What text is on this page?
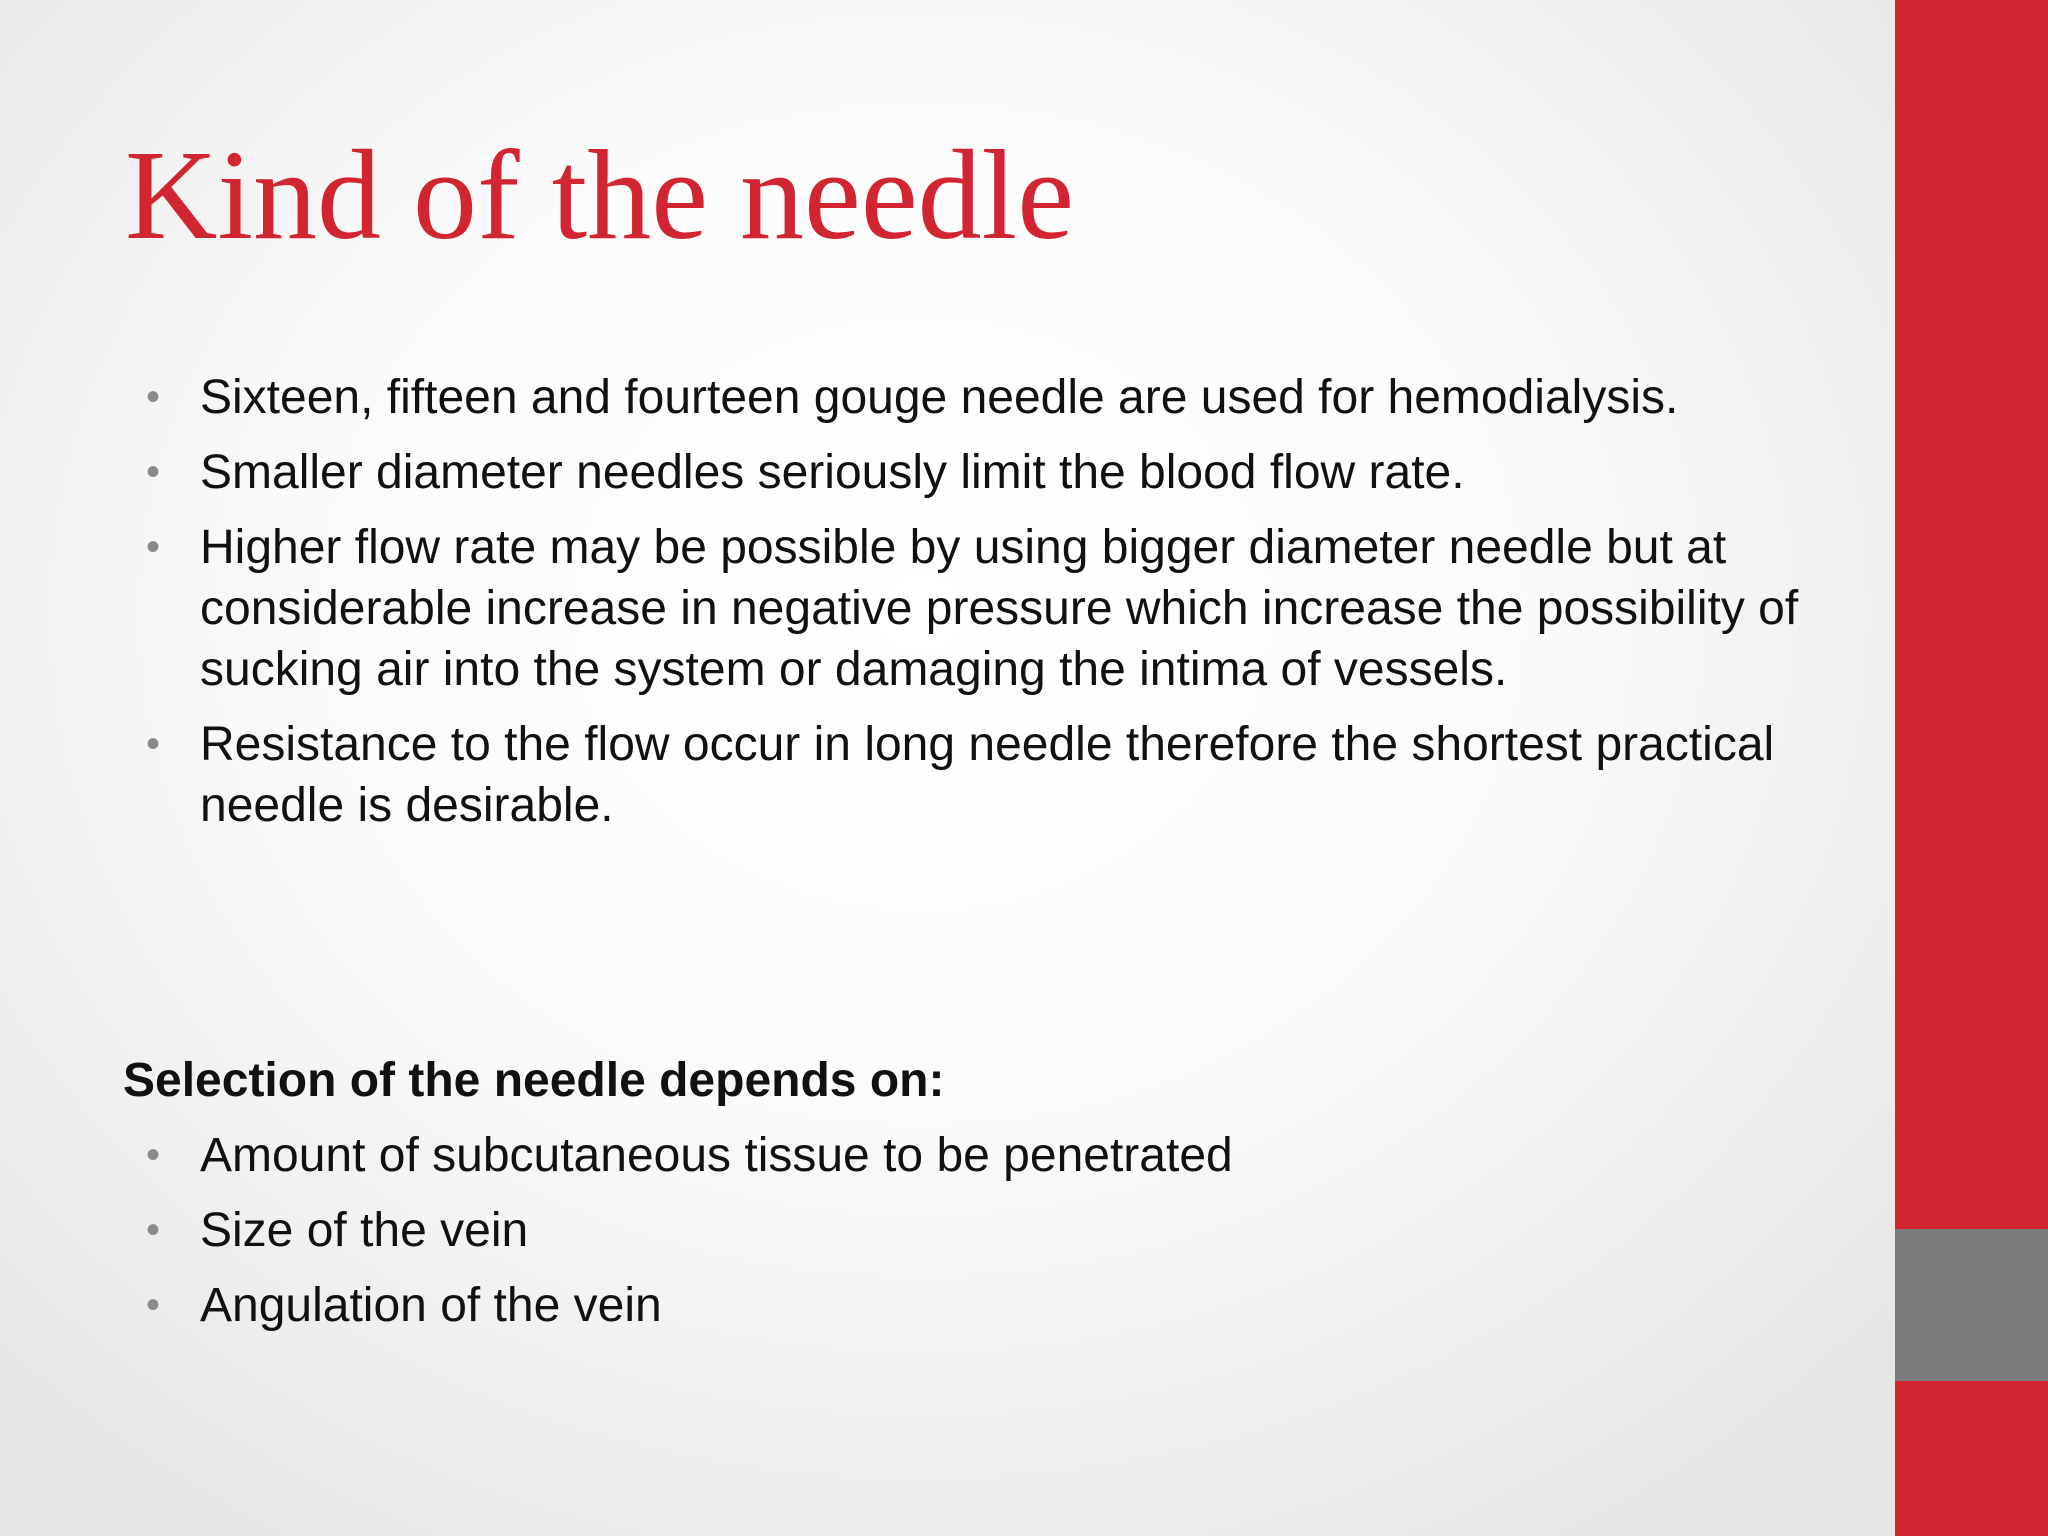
Kind of the needle
• Sixteen, fifteen and fourteen gouge needle are used for hemodialysis.
• Smaller diameter needles seriously limit the blood flow rate.
• Higher flow rate may be possible by using bigger diameter needle but at considerable increase in negative pressure which increase the possibility of sucking air into the system or damaging the intima of vessels.
• Resistance to the flow occur in long needle therefore the shortest practical needle is desirable.

Selection of the needle depends on:

• Amount of subcutaneous tissue to be penetrated
• Size of the vein
• Angulation of the vein
